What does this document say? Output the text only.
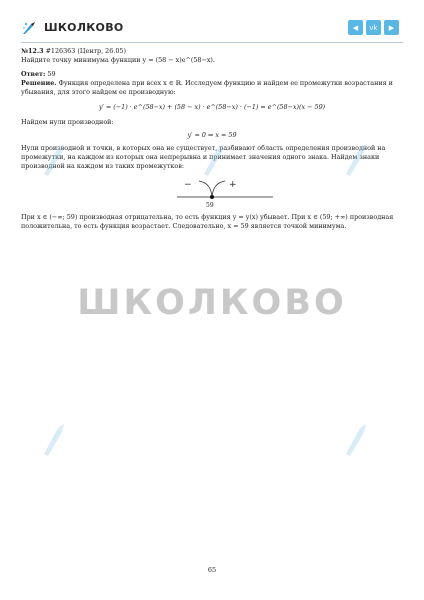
ШКОЛКОВО	◀	vk	▶

№12.3 #126363 (Центр, 26.05)

Найдите точку минимума функции y = (58 − x)e^(58−x).

Ответ: 59

Решение. Функция определена при всех x ∈ ℝ. Исследуем функцию и найдем ее промежутки возрастания и убывания, для этого найдем ее производную:

y′ = (−1) · e^(58−x) + (58 − x) · e^(58−x) · (−1) = e^(58−x)(x − 59)

Найдем нули производной:

y′ = 0 ⇒ x = 59

Нули производной и точки, в которых она не существует, разбивают область определения производной на промежутки, на каждом из которых она непрерывна и принимает значения одного знака. Найдем знаки производной на каждом из таких промежутков:

−	+
59

При x ∈ (−∞; 59) производная отрицательна, то есть функция y = y(x) убывает. При x ∈ (59; +∞) производная положительна, то есть функция возрастает. Следовательно, x = 59 является точкой минимума.

ШКОЛКОВО
65
